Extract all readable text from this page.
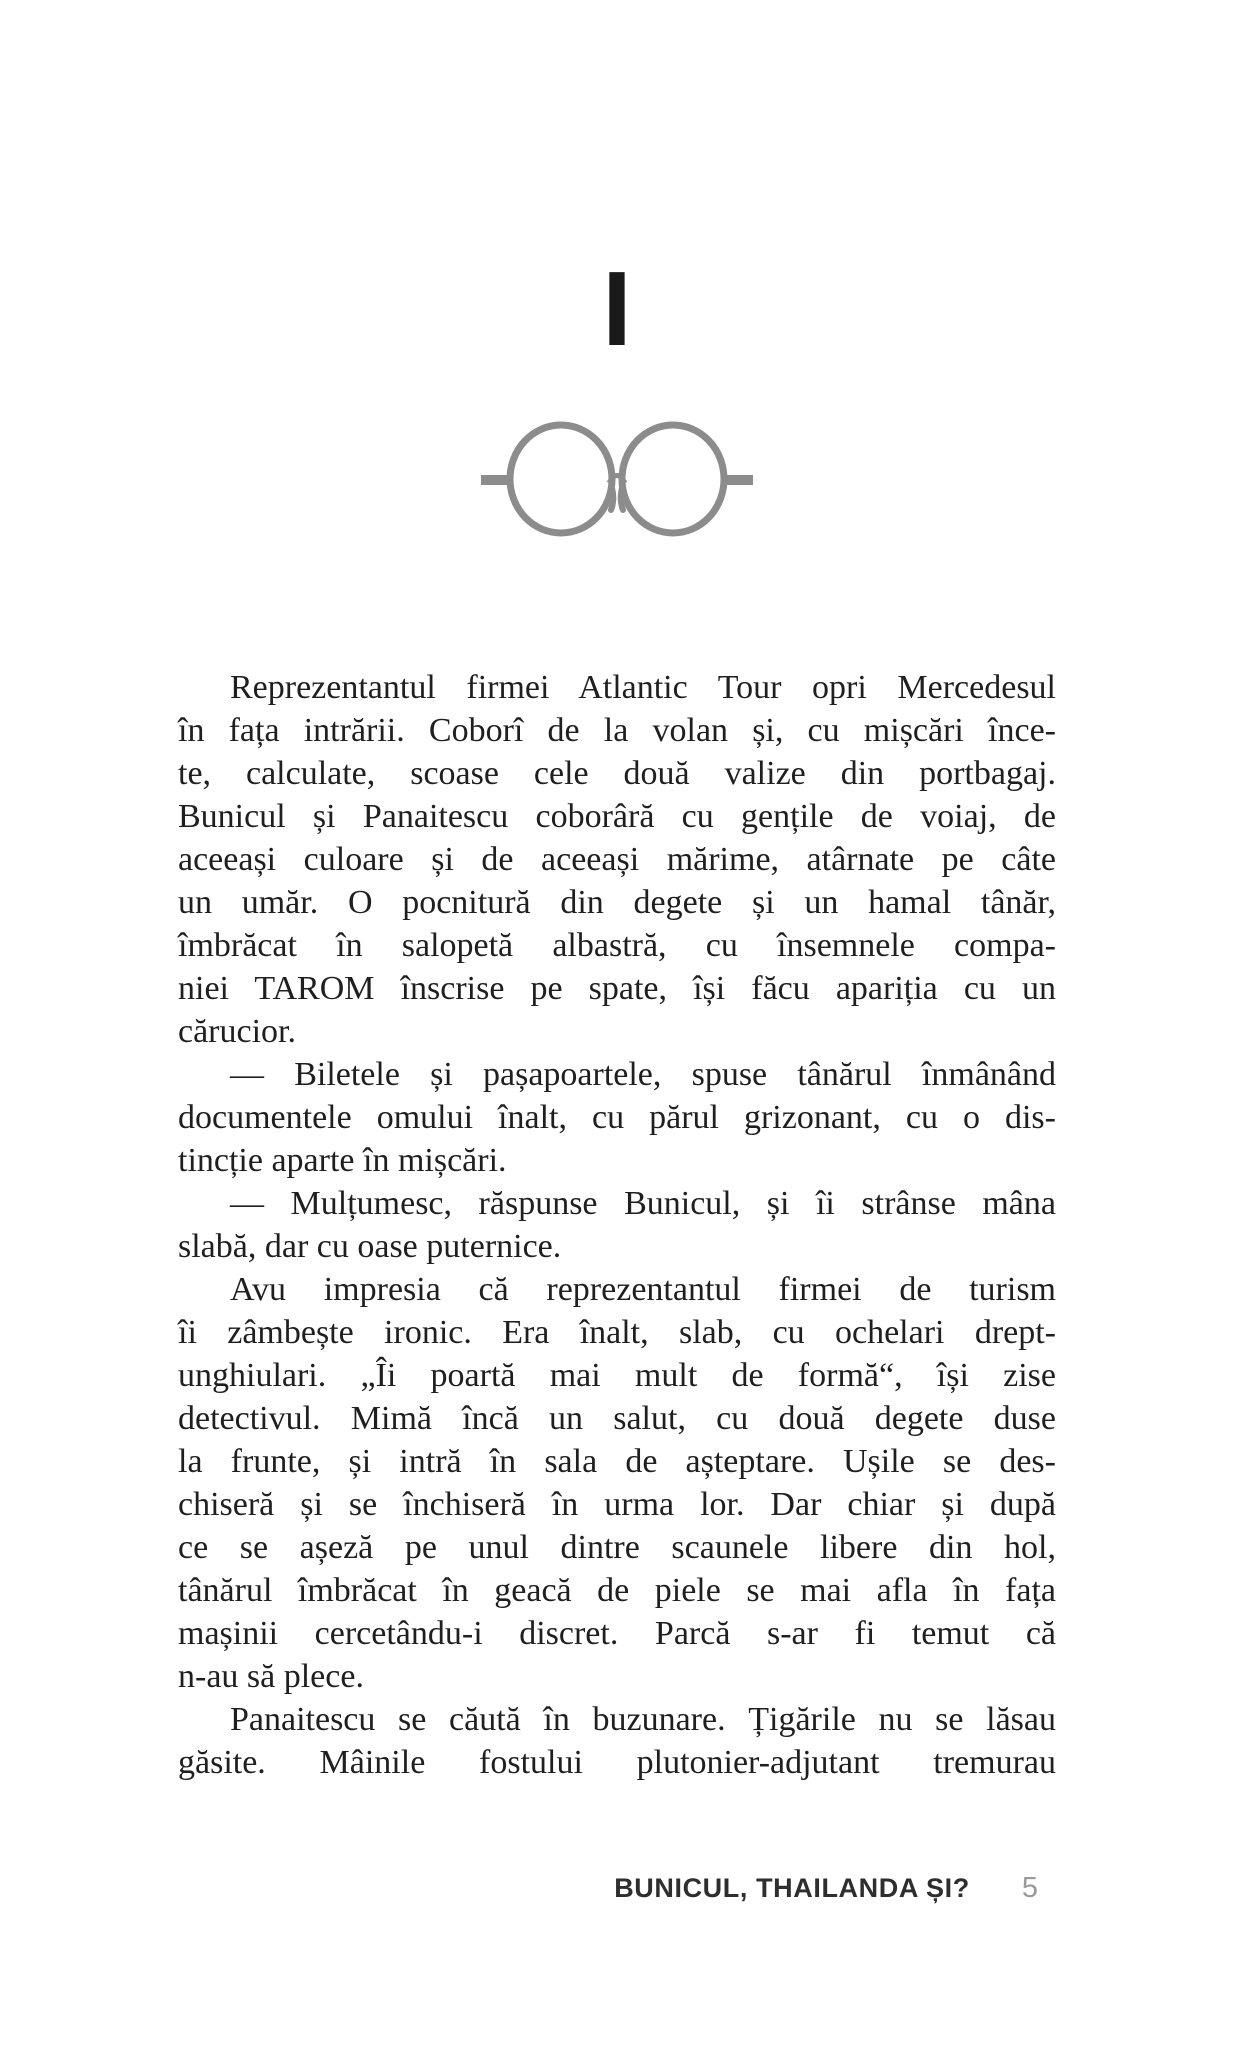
I
Reprezentantul firmei Atlantic Tour opri Mercedesul
în fața intrării. Coborî de la volan și, cu mișcări înce-
te, calculate, scoase cele două valize din portbagaj.
Bunicul și Panaitescu coborâră cu gențile de voiaj, de
aceeași culoare și de aceeași mărime, atârnate pe câte
un umăr. O pocnitură din degete și un hamal tânăr,
îmbrăcat în salopetă albastră, cu însemnele compa-
niei TAROM înscrise pe spate, își făcu apariția cu un
cărucior.
— Biletele și pașapoartele, spuse tânărul înmânând
documentele omului înalt, cu părul grizonant, cu o dis-
tincție aparte în mișcări.
— Mulțumesc, răspunse Bunicul, și îi strânse mâna
slabă, dar cu oase puternice.
Avu impresia că reprezentantul firmei de turism
îi zâmbește ironic. Era înalt, slab, cu ochelari drept-
unghiulari. „Îi poartă mai mult de formă“, își zise
detectivul. Mimă încă un salut, cu două degete duse
la frunte, și intră în sala de așteptare. Ușile se des-
chiseră și se închiseră în urma lor. Dar chiar și după
ce se așeză pe unul dintre scaunele libere din hol,
tânărul îmbrăcat în geacă de piele se mai afla în fața
mașinii cercetându-i discret. Parcă s-ar fi temut că
n-au să plece.
Panaitescu se căută în buzunare. Țigările nu se lăsau
găsite. Mâinile fostului plutonier-adjutant tremurau
BUNICUL, THAILANDA ȘI? 5
